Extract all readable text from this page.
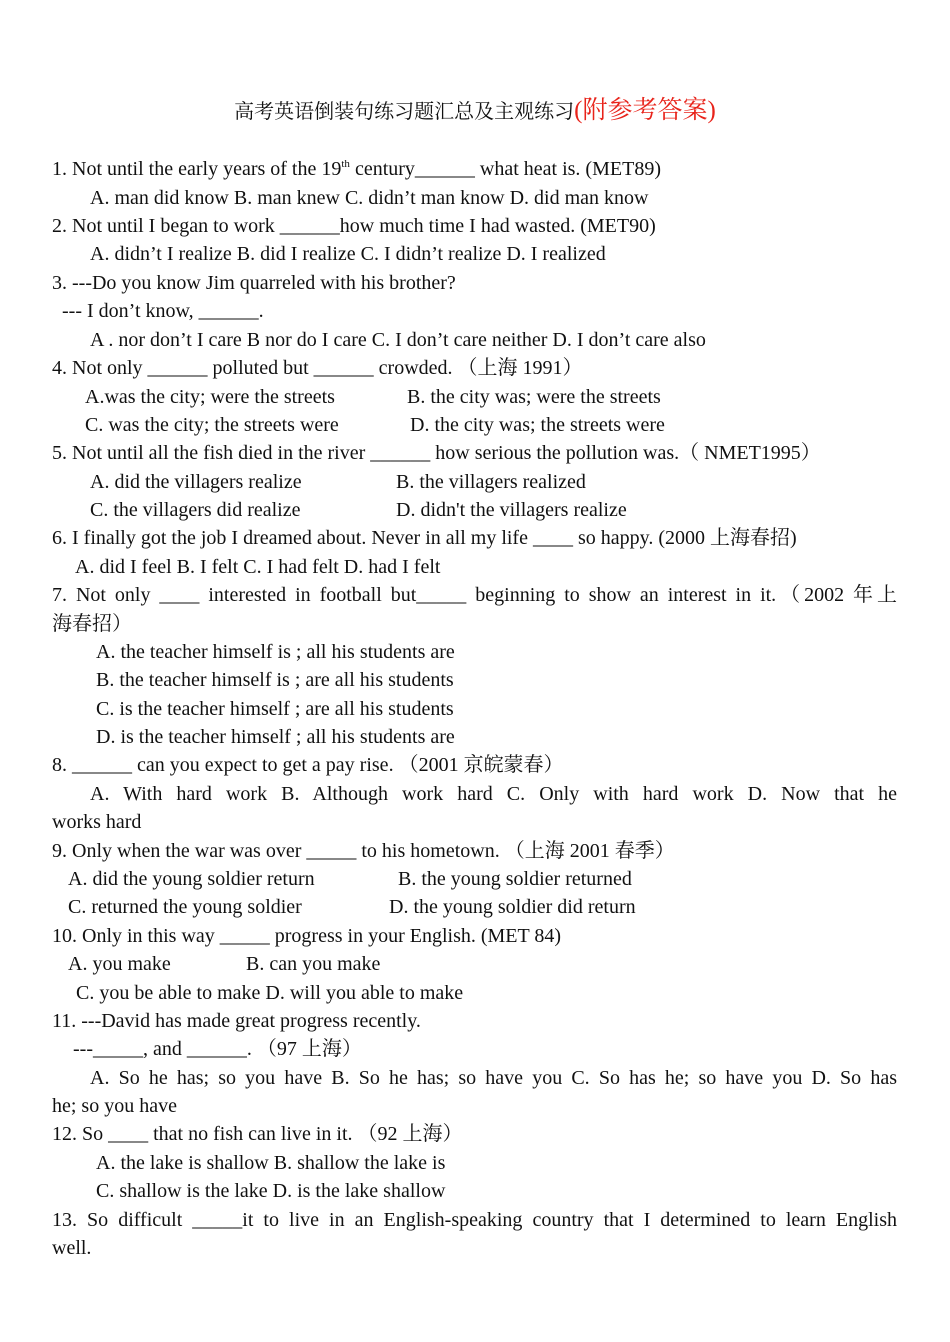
高考英语倒装句练习题汇总及主观练习(附参考答案)
1. Not until the early years of the 19th century______ what heat is. (MET89)
A. man did know B. man knew C. didn’t man know D. did man know
2. Not until I began to work ______how much time I had wasted. (MET90)
A. didn’t I realize B. did I realize C. I didn’t realize D. I realized
3. ---Do you know Jim quarreled with his brother?
--- I don’t know, ______.
A . nor don’t I care B nor do I care C. I don’t care neither D. I don’t care also
4. Not only ______ polluted but ______ crowded. （上海 1991）
A.was the city; were the streets	B. the city was; were the streets
C. was the city; the streets were	D. the city was; the streets were
5. Not until all the fish died in the river ______ how serious the pollution was.（ NMET1995）
A. did the villagers realize	B. the villagers realized
C. the villagers did realize	D. didn't the villagers realize
6. I finally got the job I dreamed about. Never in all my life ____ so happy. (2000 上海春招)
A. did I feel B. I felt C. I had felt D. had I felt
7. Not only ____ interested in football but_____ beginning to show an interest in it.（2002 年上
海春招）
A. the teacher himself is ; all his students are
B. the teacher himself is ; are all his students
C. is the teacher himself ; are all his students
D. is the teacher himself ; all his students are
8. ______ can you expect to get a pay rise. （2001 京皖蒙春）
A. With hard work B. Although work hard C. Only with hard work D. Now that he
works hard
9. Only when the war was over _____ to his hometown. （上海 2001 春季）
A. did the young soldier return	B. the young soldier returned
C. returned the young soldier	D. the young soldier did return
10. Only in this way _____ progress in your English. (MET 84)
A. you make	B. can you make
C. you be able to make D. will you able to make
11. ---David has made great progress recently.
---_____, and ______. （97 上海）
A. So he has; so you have B. So he has; so have you C. So has he; so have you D. So has
he; so you have
12. So ____ that no fish can live in it. （92 上海）
A. the lake is shallow B. shallow the lake is
C. shallow is the lake D. is the lake shallow
13. So difficult _____it to live in an English-speaking country that I determined to learn English
well.
